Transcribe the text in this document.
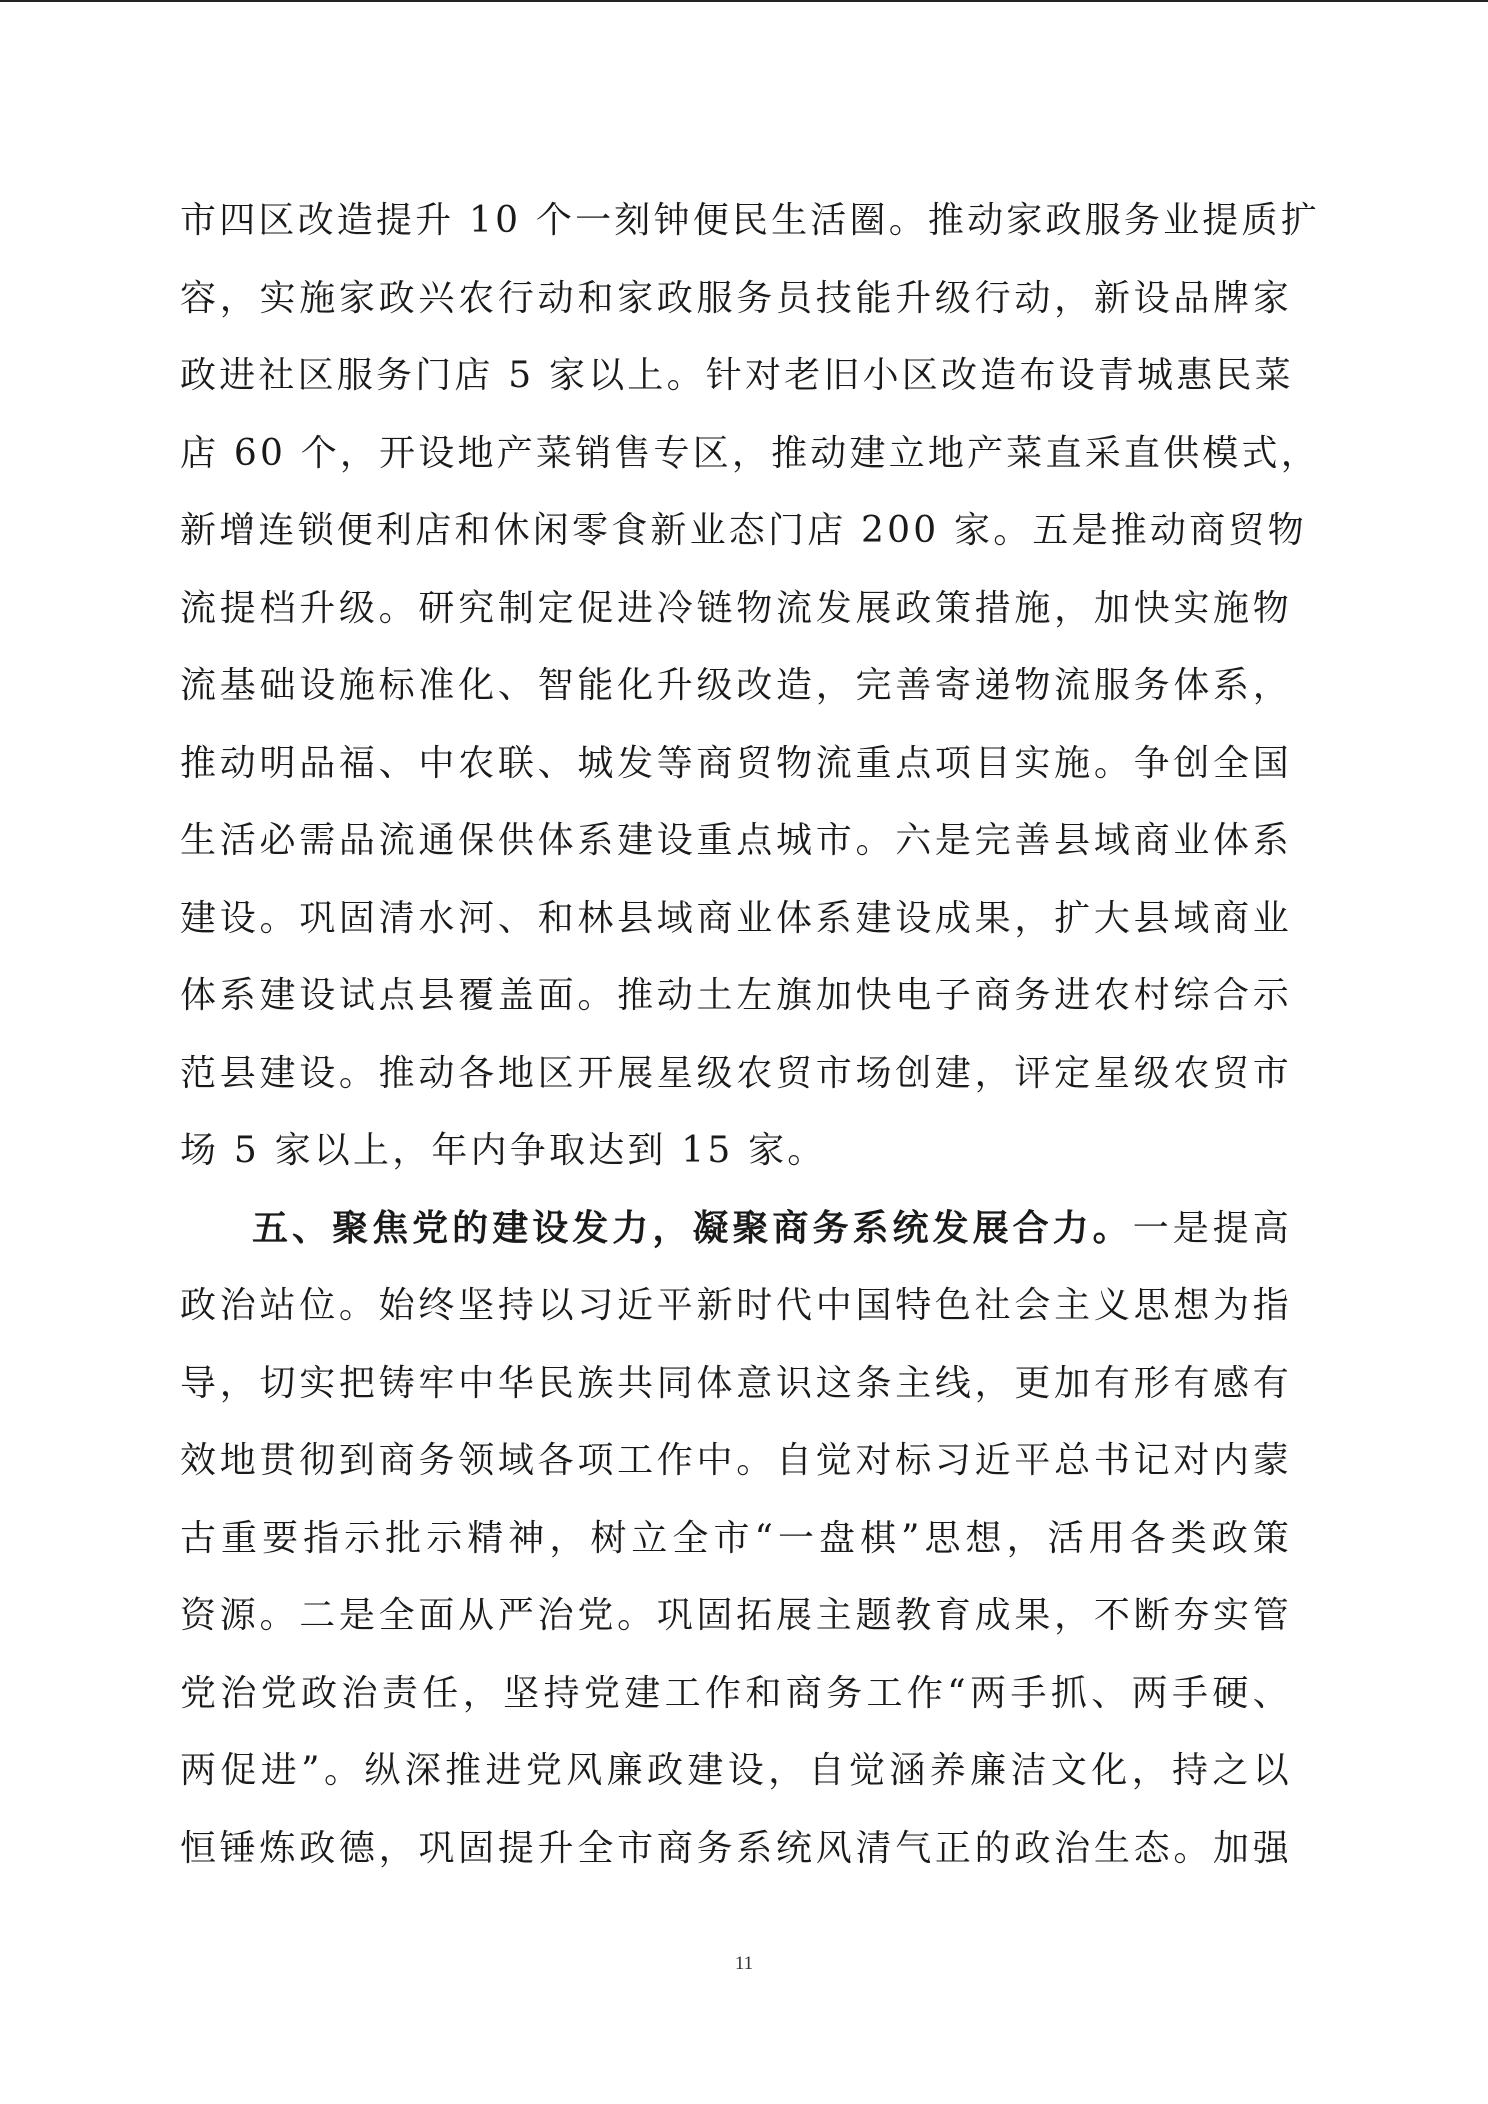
市四区改造提升 10 个一刻钟便民生活圈。推动家政服务业提质扩
容，实施家政兴农行动和家政服务员技能升级行动，新设品牌家
政进社区服务门店 5 家以上。针对老旧小区改造布设青城惠民菜
店 60 个，开设地产菜销售专区，推动建立地产菜直采直供模式，
新增连锁便利店和休闲零食新业态门店 200 家。五是推动商贸物
流提档升级。研究制定促进冷链物流发展政策措施，加快实施物
流基础设施标准化、智能化升级改造，完善寄递物流服务体系，
推动明品福、中农联、城发等商贸物流重点项目实施。争创全国
生活必需品流通保供体系建设重点城市。六是完善县域商业体系
建设。巩固清水河、和林县域商业体系建设成果，扩大县域商业
体系建设试点县覆盖面。推动土左旗加快电子商务进农村综合示
范县建设。推动各地区开展星级农贸市场创建，评定星级农贸市
场 5 家以上，年内争取达到 15 家。
五、聚焦党的建设发力，凝聚商务系统发展合力。一是提高
政治站位。始终坚持以习近平新时代中国特色社会主义思想为指
导，切实把铸牢中华民族共同体意识这条主线，更加有形有感有
效地贯彻到商务领域各项工作中。自觉对标习近平总书记对内蒙
古重要指示批示精神，树立全市“一盘棋”思想，活用各类政策
资源。二是全面从严治党。巩固拓展主题教育成果，不断夯实管
党治党政治责任，坚持党建工作和商务工作“两手抓、两手硬、
两促进”。纵深推进党风廉政建设，自觉涵养廉洁文化，持之以
恒锤炼政德，巩固提升全市商务系统风清气正的政治生态。加强
11
